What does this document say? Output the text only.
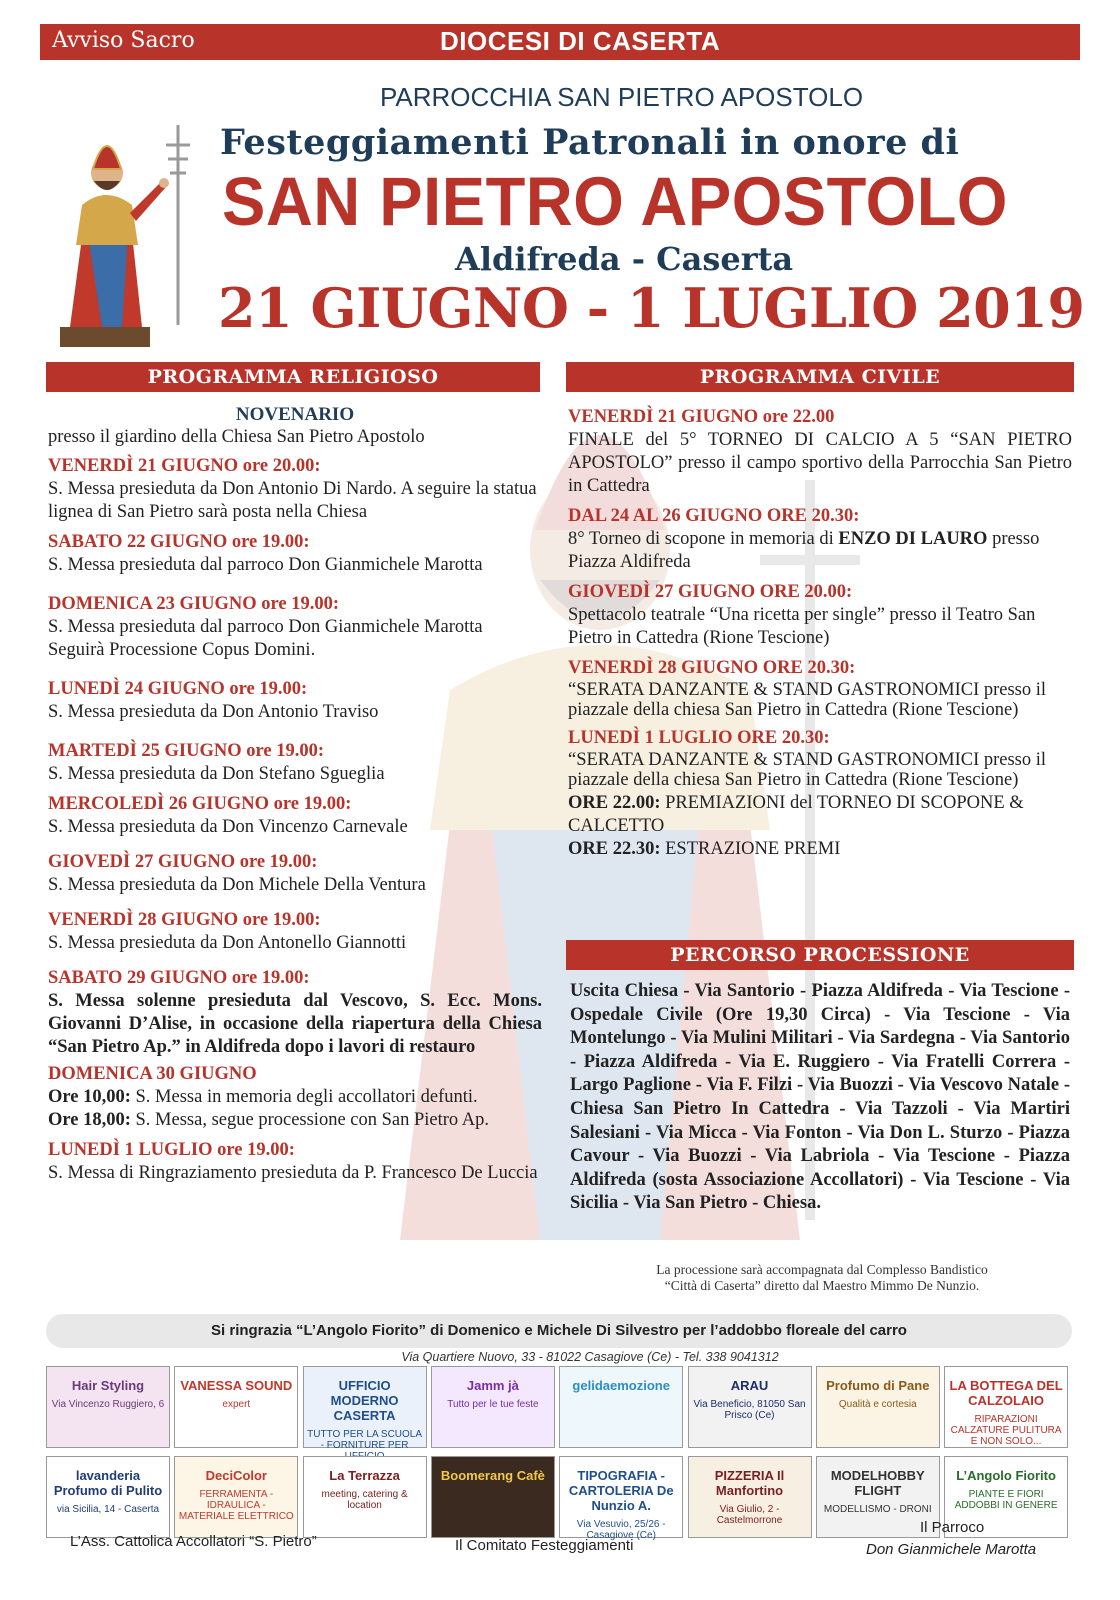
Avviso Sacro	DIOCESI DI CASERTA
PARROCCHIA SAN PIETRO APOSTOLO
Festeggiamenti Patronali in onore di
SAN PIETRO APOSTOLO
Aldifreda - Caserta
21 GIUGNO - 1 LUGLIO 2019
PROGRAMMA RELIGIOSO	PROGRAMMA CIVILE
PERCORSO PROCESSIONE
NOVENARIO
presso il giardino della Chiesa San Pietro Apostolo
VENERDÌ 21 GIUGNO ore 20.00:
S. Messa presieduta da Don Antonio Di Nardo. A seguire la statua lignea di San Pietro sarà posta nella Chiesa
SABATO 22 GIUGNO ore 19.00:
S. Messa presieduta dal parroco Don Gianmichele Marotta
DOMENICA 23 GIUGNO ore 19.00:
S. Messa presieduta dal parroco Don Gianmichele Marotta Seguirà Processione Copus Domini.
LUNEDÌ 24 GIUGNO ore 19.00:
S. Messa presieduta da Don Antonio Traviso
MARTEDÌ 25 GIUGNO ore 19.00:
S. Messa presieduta da Don Stefano Sgueglia
MERCOLEDÌ 26 GIUGNO ore 19.00:
S. Messa presieduta da Don Vincenzo Carnevale
GIOVEDÌ 27 GIUGNO ore 19.00:
S. Messa presieduta da Don Michele Della Ventura
VENERDÌ 28 GIUGNO ore 19.00:
S. Messa presieduta da Don Antonello Giannotti
SABATO 29 GIUGNO ore 19.00:
S. Messa solenne presieduta dal Vescovo, S. Ecc. Mons. Giovanni D’Alise, in occasione della riapertura della Chiesa “San Pietro Ap.” in Aldifreda dopo i lavori di restauro
DOMENICA 30 GIUGNO
Ore 10,00: S. Messa in memoria degli accollatori defunti.
Ore 18,00: S. Messa, segue processione con San Pietro Ap.
LUNEDÌ 1 LUGLIO ore 19.00:
S. Messa di Ringraziamento presieduta da P. Francesco De Luccia
VENERDÌ 21 GIUGNO ore 22.00
FINALE del 5° TORNEO DI CALCIO A 5 “SAN PIETRO APOSTOLO” presso il campo sportivo della Parrocchia San Pietro in Cattedra
DAL 24 AL 26 GIUGNO ORE 20.30:
8° Torneo di scopone in memoria di ENZO DI LAURO presso Piazza Aldifreda
GIOVEDÌ 27 GIUGNO ORE 20.00:
Spettacolo teatrale “Una ricetta per single” presso il Teatro San Pietro in Cattedra (Rione Tescione)
VENERDÌ 28 GIUGNO ORE 20.30:
“SERATA DANZANTE & STAND GASTRONOMICI presso il piazzale della chiesa San Pietro in Cattedra (Rione Tescione)
LUNEDÌ 1 LUGLIO ORE 20.30:
“SERATA DANZANTE & STAND GASTRONOMICI presso il piazzale della chiesa San Pietro in Cattedra (Rione Tescione)
ORE 22.00: PREMIAZIONI del TORNEO DI SCOPONE & CALCETTO
ORE 22.30: ESTRAZIONE PREMI
Uscita Chiesa - Via Santorio - Piazza Aldifreda - Via Tescione - Ospedale Civile (Ore 19,30 Circa) - Via Tescione - Via Montelungo - Via Mulini Militari - Via Sardegna - Via Santorio - Piazza Aldifreda - Via E. Ruggiero - Via Fratelli Correra - Largo Paglione - Via F. Filzi - Via Buozzi - Via Vescovo Natale - Chiesa San Pietro In Cattedra - Via Tazzoli - Via Martiri Salesiani - Via Micca - Via Fonton - Via Don L. Sturzo - Piazza Cavour - Via Buozzi - Via Labriola - Via Tescione - Piazza Aldifreda (sosta Associazione Accollatori) - Via Tescione - Via Sicilia - Via San Pietro - Chiesa.
La processione sarà accompagnata dal Complesso Bandistico
“Città di Caserta” diretto dal Maestro Mimmo De Nunzio.
Si ringrazia “L’Angolo Fiorito” di Domenico e Michele Di Silvestro per l’addobbo floreale del carro
Via Quartiere Nuovo, 33 - 81022 Casagiove (Ce) - Tel. 338 9041312
Hair Styling
Via Vincenzo Ruggiero, 6
VANESSA SOUND
expert
UFFICIO MODERNO CASERTA
TUTTO PER LA SCUOLA - FORNITURE PER
Jamm jà
Tutto per le tue feste
gelidaemozione	ARAU
Via Beneficio, 81050 San Prisco (Ce)
Profumo di Pane
Qualità e cortesia
LA BOTTEGA DEL CALZOLAIO
RIPARAZIONI CALZATURE PULITURA E NON SOLO...
lavanderia Profumo di Pulito
via Sicilia, 14 - Caserta
DeciColor
FERRAMENTA - IDRAULICA - MATERIALE ELETTRICO
La Terrazza
meeting, catering & location
Boomerang Cafè	TIPOGRAFIA - CARTOLERIA De Nunzio A.
Via Vesuvio, 25/26 - Casagiove (Ce)
PIZZERIA Il Manfortino
Via Giulio, 2 - Castelmorrone
MODELHOBBY FLIGHT
MODELLISMO - DRONI
L’Angolo Fiorito
PIANTE E FIORI ADDOBBI IN GENERE
L’Ass. Cattolica Accollatori “S. Pietro”	Il Comitato Festeggiamenti
Il Parroco
Don Gianmichele Marotta
